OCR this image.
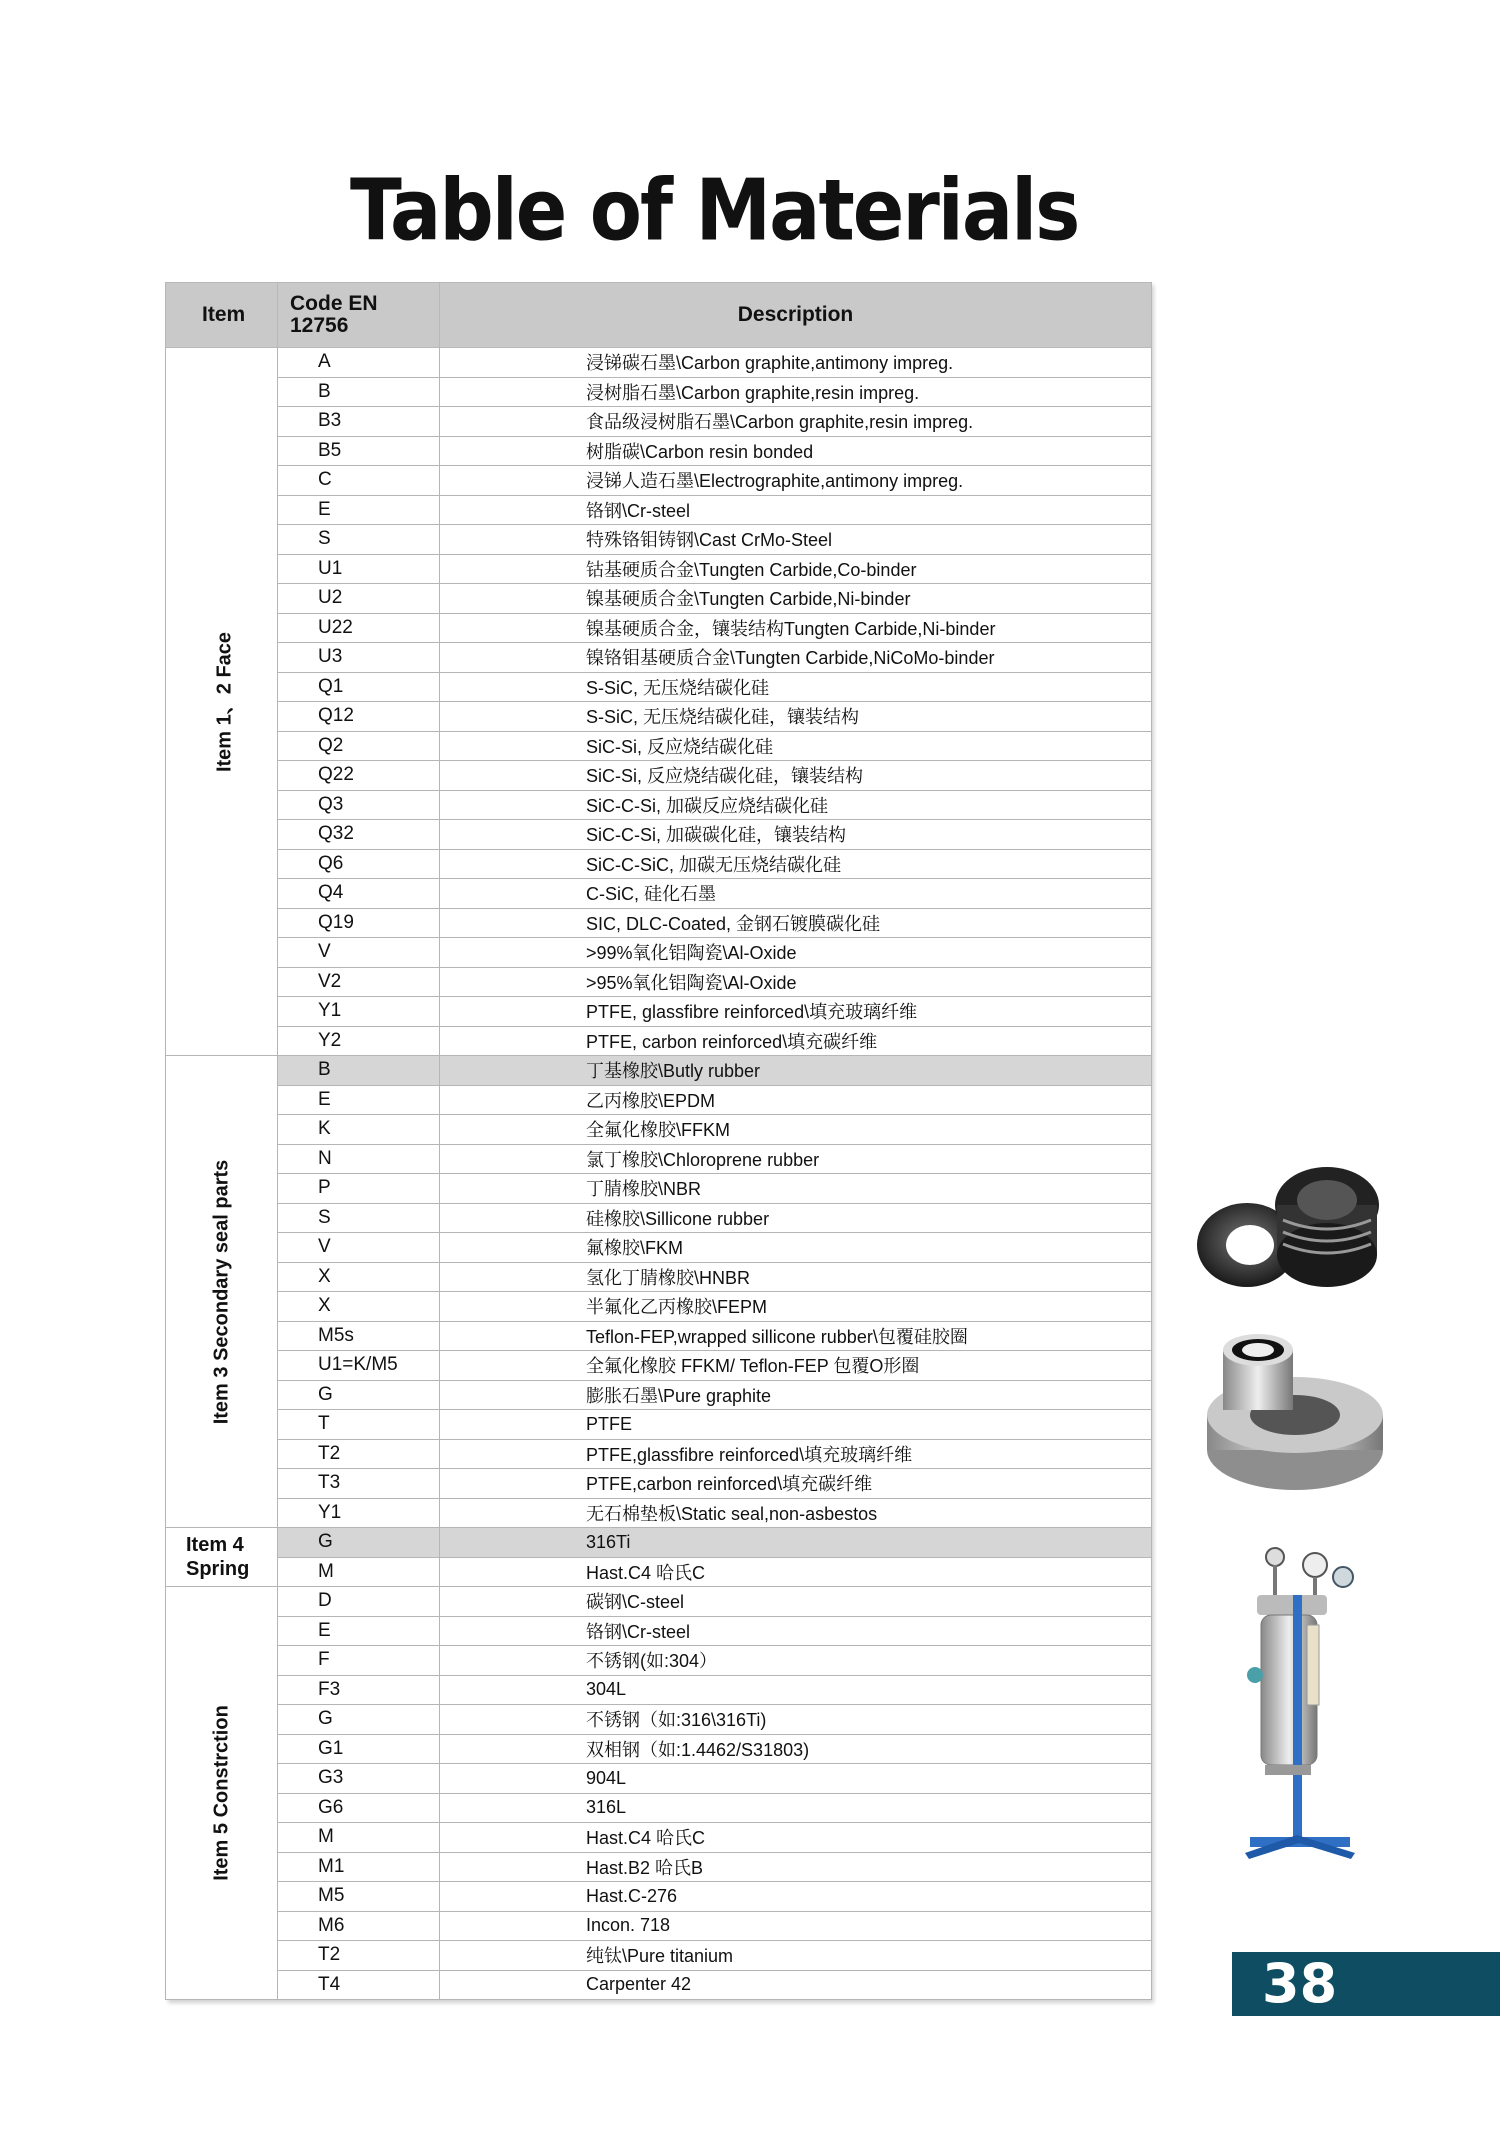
Table of Materials
Item	Code EN 12756	Description

Item 1、2 Face	A	浸锑碳石墨\Carbon graphite,antimony impreg.
	B	浸树脂石墨\Carbon graphite,resin impreg.
	B3	食品级浸树脂石墨\Carbon graphite,resin impreg.
	B5	树脂碳\Carbon resin bonded
	C	浸锑人造石墨\Electrographite,antimony impreg.
	E	铬钢\Cr-steel
	S	特殊铬钼铸钢\Cast CrMo-Steel
	U1	钴基硬质合金\Tungten Carbide,Co-binder
	U2	镍基硬质合金\Tungten Carbide,Ni-binder
	U22	镍基硬质合金，镶装结构Tungten Carbide,Ni-binder
	U3	镍铬钼基硬质合金\Tungten Carbide,NiCoMo-binder
	Q1	S-SiC, 无压烧结碳化硅
	Q12	S-SiC, 无压烧结碳化硅，镶装结构
	Q2	SiC-Si, 反应烧结碳化硅
	Q22	SiC-Si, 反应烧结碳化硅，镶装结构
	Q3	SiC-C-Si, 加碳反应烧结碳化硅
	Q32	SiC-C-Si, 加碳碳化硅，镶装结构
	Q6	SiC-C-SiC, 加碳无压烧结碳化硅
	Q4	C-SiC, 硅化石墨
	Q19	SIC, DLC-Coated, 金钢石镀膜碳化硅
	V	>99%氧化铝陶瓷\Al-Oxide
	V2	>95%氧化铝陶瓷\Al-Oxide
	Y1	PTFE, glassfibre reinforced\填充玻璃纤维
	Y2	PTFE, carbon reinforced\填充碳纤维

Item 3 Secondary seal parts	B	丁基橡胶\Butly rubber
	E	乙丙橡胶\EPDM
	K	全氟化橡胶\FFKM
	N	氯丁橡胶\Chloroprene rubber
	P	丁腈橡胶\NBR
	S	硅橡胶\Sillicone rubber
	V	氟橡胶\FKM
	X	氢化丁腈橡胶\HNBR
	X	半氟化乙丙橡胶\FEPM
	M5s	Teflon-FEP,wrapped sillicone rubber\包覆硅胶圈
	U1=K/M5	全氟化橡胶 FFKM/ Teflon-FEP 包覆O形圈
	G	膨胀石墨\Pure graphite
	T	PTFE
	T2	PTFE,glassfibre reinforced\填充玻璃纤维
	T3	PTFE,carbon reinforced\填充碳纤维
	Y1	无石棉垫板\Static seal,non-asbestos

Item 4 Spring	G	316Ti
	M	Hast.C4 哈氏C

Item 5 Constrction	D	碳钢\C-steel
	E	铬钢\Cr-steel
	F	不锈钢(如:304）
	F3	304L
	G	不锈钢（如:316\316Ti)
	G1	双相钢（如:1.4462/S31803)
	G3	904L
	G6	316L
	M	Hast.C4 哈氏C
	M1	Hast.B2 哈氏B
	M5	Hast.C-276
	M6	Incon. 718
	T2	纯钛\Pure titanium
	T4	Carpenter 42	38
